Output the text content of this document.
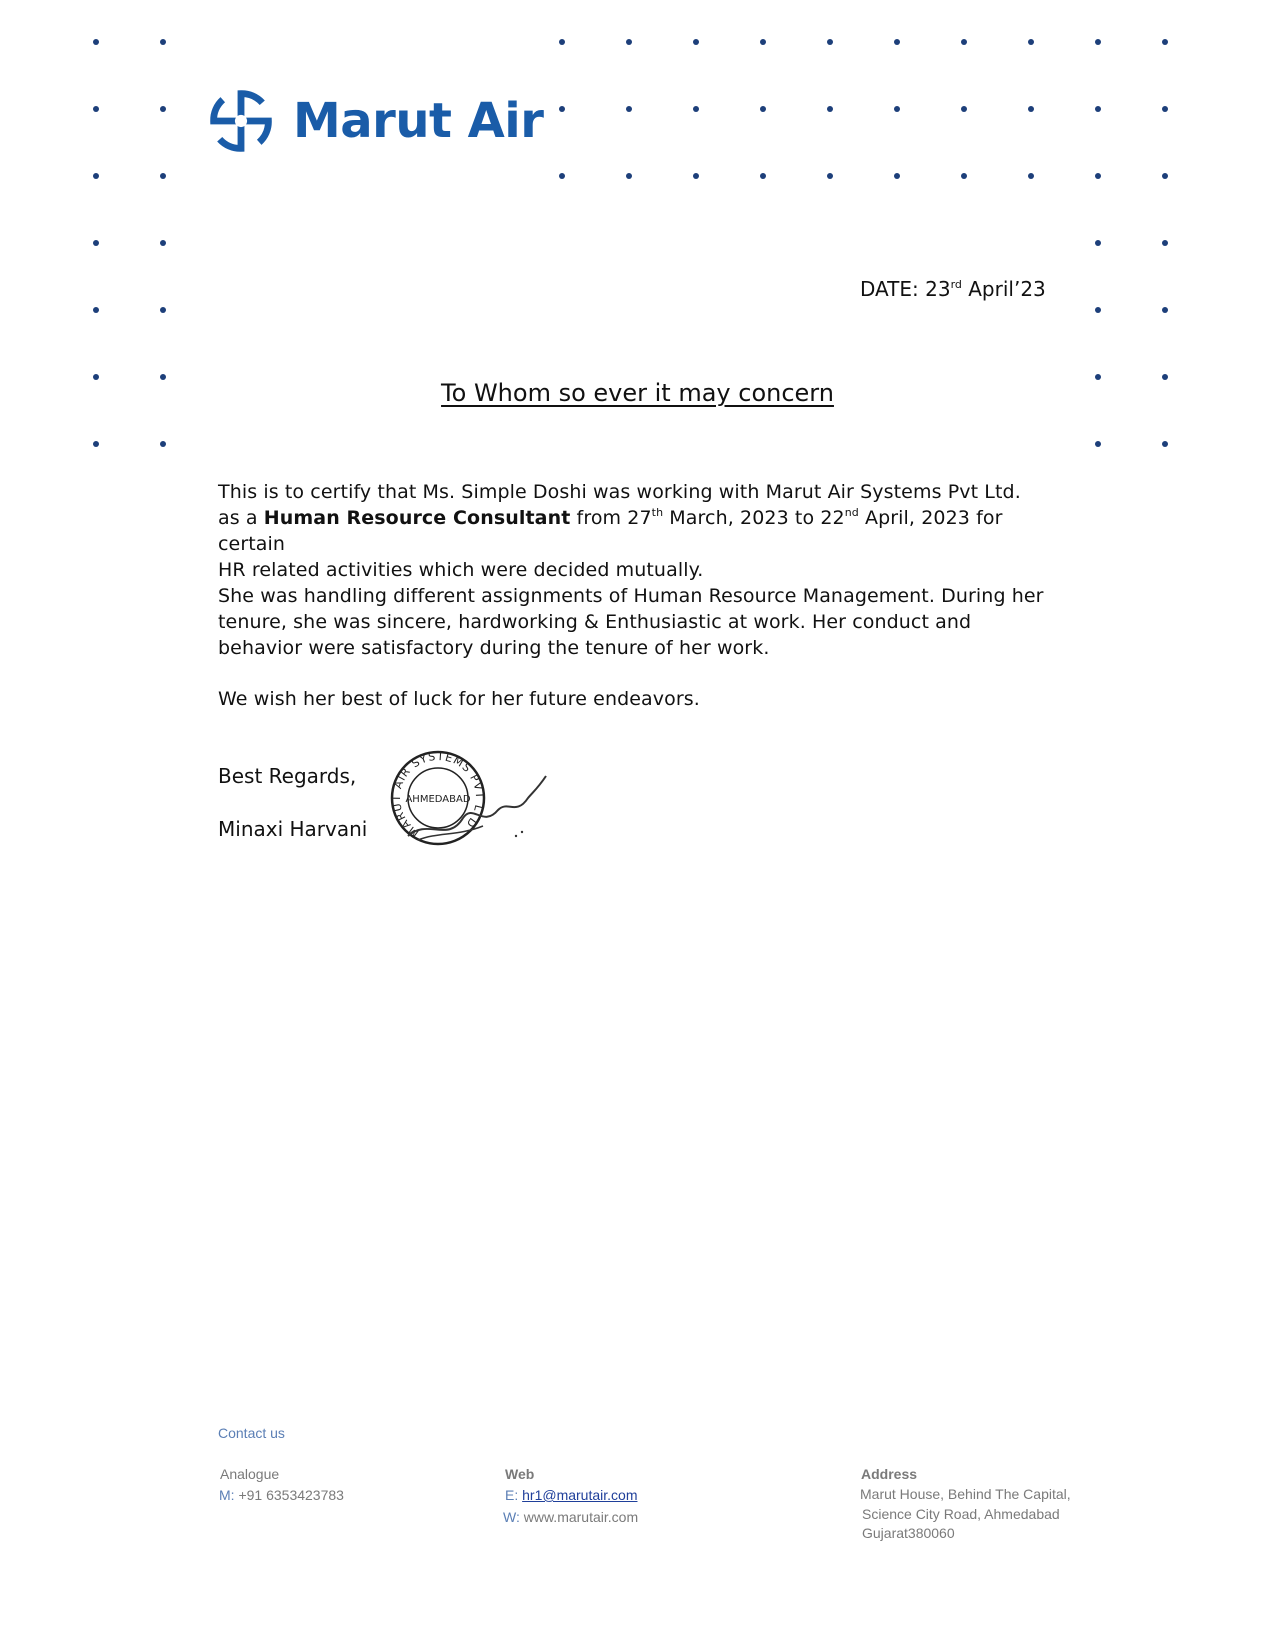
Marut Air
DATE: 23rd April’23
To Whom so ever it may concern
This is to certify that Ms. Simple Doshi was working with Marut Air Systems Pvt Ltd.
as a Human Resource Consultant from 27th March, 2023 to 22nd April, 2023 for certain
HR related activities which were decided mutually.
She was handling different assignments of Human Resource Management. During her
tenure, she was sincere, hardworking & Enthusiastic at work. Her conduct and
behavior were satisfactory during the tenure of her work.
We wish her best of luck for her future endeavors.
Best Regards,
Minaxi Harvani	MARUT AIR SYSTEMS PVT LTD
AHMEDABAD
Contact us
Analogue
M: +91 6353423783
Web
E: hr1@marutair.com
W: www.marutair.com
Address
Marut House, Behind The Capital,
Science City Road, Ahmedabad
Gujarat380060
